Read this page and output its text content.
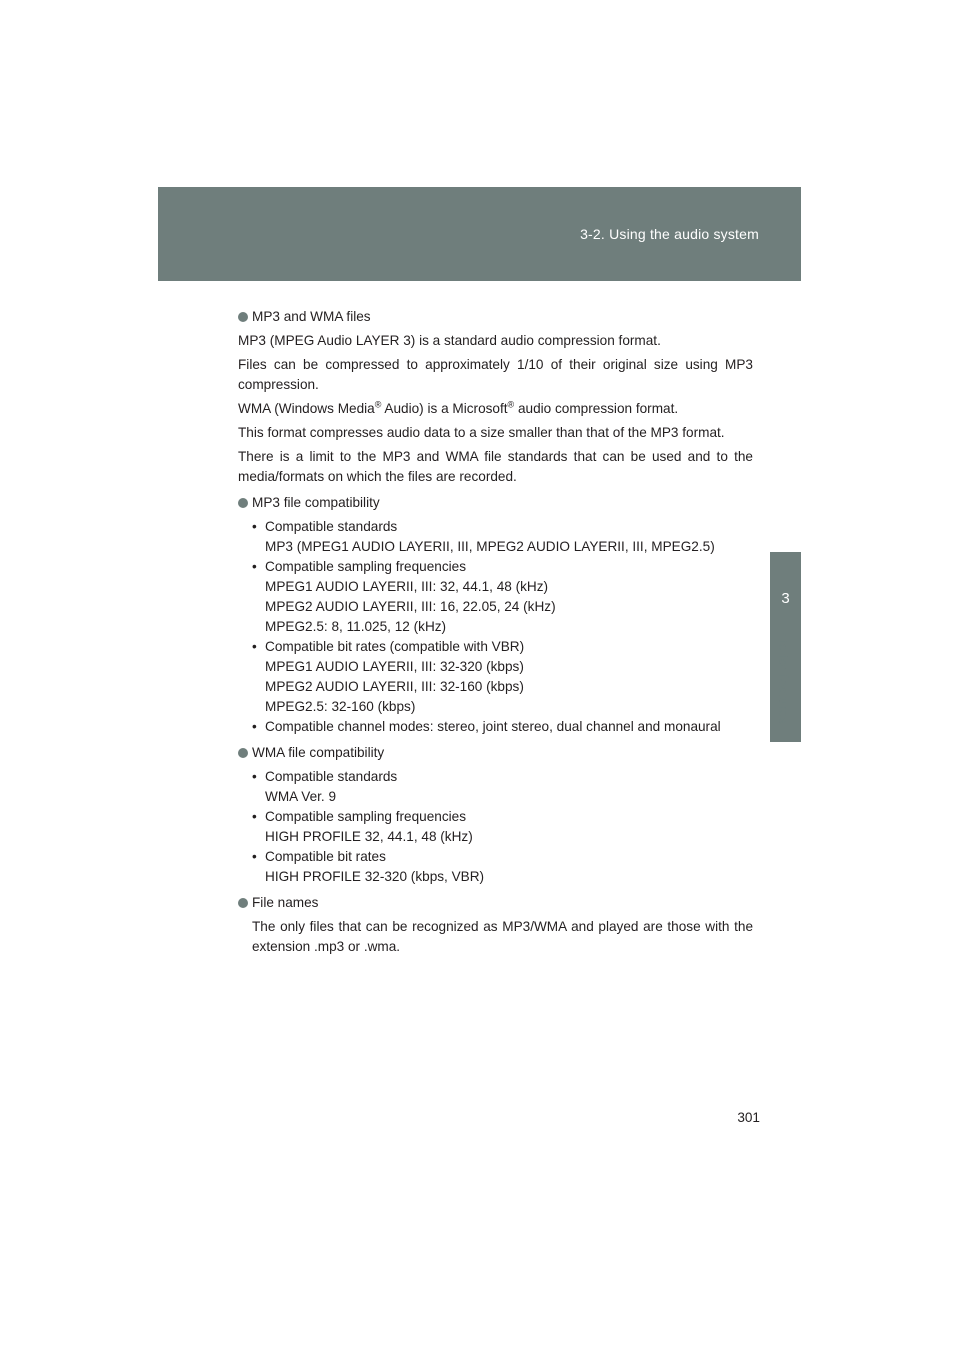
3-2. Using the audio system
3
Interior features
MP3 and WMA files

MP3 (MPEG Audio LAYER 3) is a standard audio compression format.

Files can be compressed to approximately 1/10 of their original size using MP3 compression.

WMA (Windows Media® Audio) is a Microsoft® audio compression format.

This format compresses audio data to a size smaller than that of the MP3 format.

There is a limit to the MP3 and WMA file standards that can be used and to the media/formats on which the files are recorded.

MP3 file compatibility
• Compatible standards
MP3 (MPEG1 AUDIO LAYERII, III, MPEG2 AUDIO LAYERII, III, MPEG2.5)
• Compatible sampling frequencies
MPEG1 AUDIO LAYERII, III: 32, 44.1, 48 (kHz)
MPEG2 AUDIO LAYERII, III: 16, 22.05, 24 (kHz)
MPEG2.5: 8, 11.025, 12 (kHz)
• Compatible bit rates (compatible with VBR)
MPEG1 AUDIO LAYERII, III: 32-320 (kbps)
MPEG2 AUDIO LAYERII, III: 32-160 (kbps)
MPEG2.5: 32-160 (kbps)
• Compatible channel modes: stereo, joint stereo, dual channel and monaural
WMA file compatibility
• Compatible standards
WMA Ver. 9
• Compatible sampling frequencies
HIGH PROFILE 32, 44.1, 48 (kHz)
• Compatible bit rates
HIGH PROFILE 32-320 (kbps, VBR)
File names

The only files that can be recognized as MP3/WMA and played are those with the extension .mp3 or .wma.

301
